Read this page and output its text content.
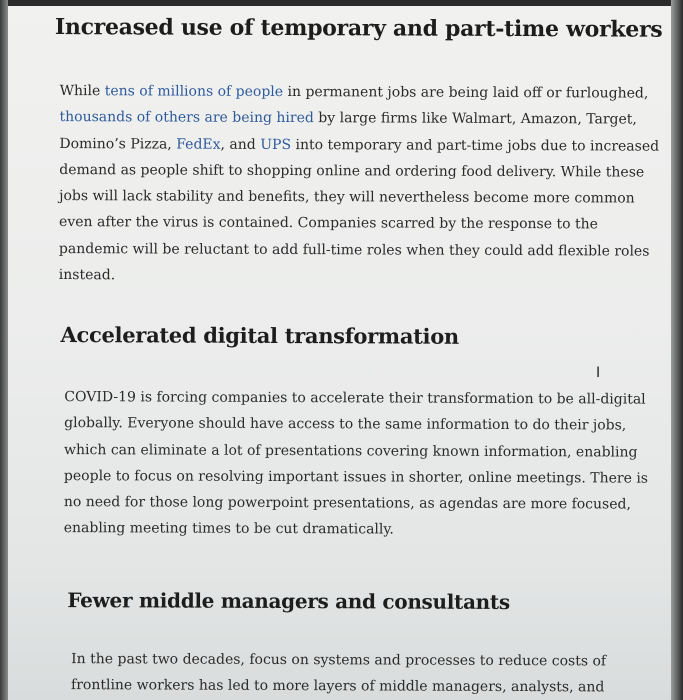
Increased use of temporary and part-time workers

While tens of millions of people in permanent jobs are being laid off or furloughed, thousands of others are being hired by large firms like Walmart, Amazon, Target, Domino’s Pizza, FedEx, and UPS into temporary and part-time jobs due to increased demand as people shift to shopping online and ordering food delivery. While these jobs will lack stability and benefits, they will nevertheless become more common even after the virus is contained. Companies scarred by the response to the pandemic will be reluctant to add full-time roles when they could add flexible roles instead.

Accelerated digital transformation

COVID-19 is forcing companies to accelerate their transformation to be all-digital globally. Everyone should have access to the same information to do their jobs, which can eliminate a lot of presentations covering known information, enabling people to focus on resolving important issues in shorter, online meetings. There is no need for those long powerpoint presentations, as agendas are more focused, enabling meeting times to be cut dramatically.

Fewer middle managers and consultants

In the past two decades, focus on systems and processes to reduce costs of frontline workers has led to more layers of middle managers, analysts, and

I
